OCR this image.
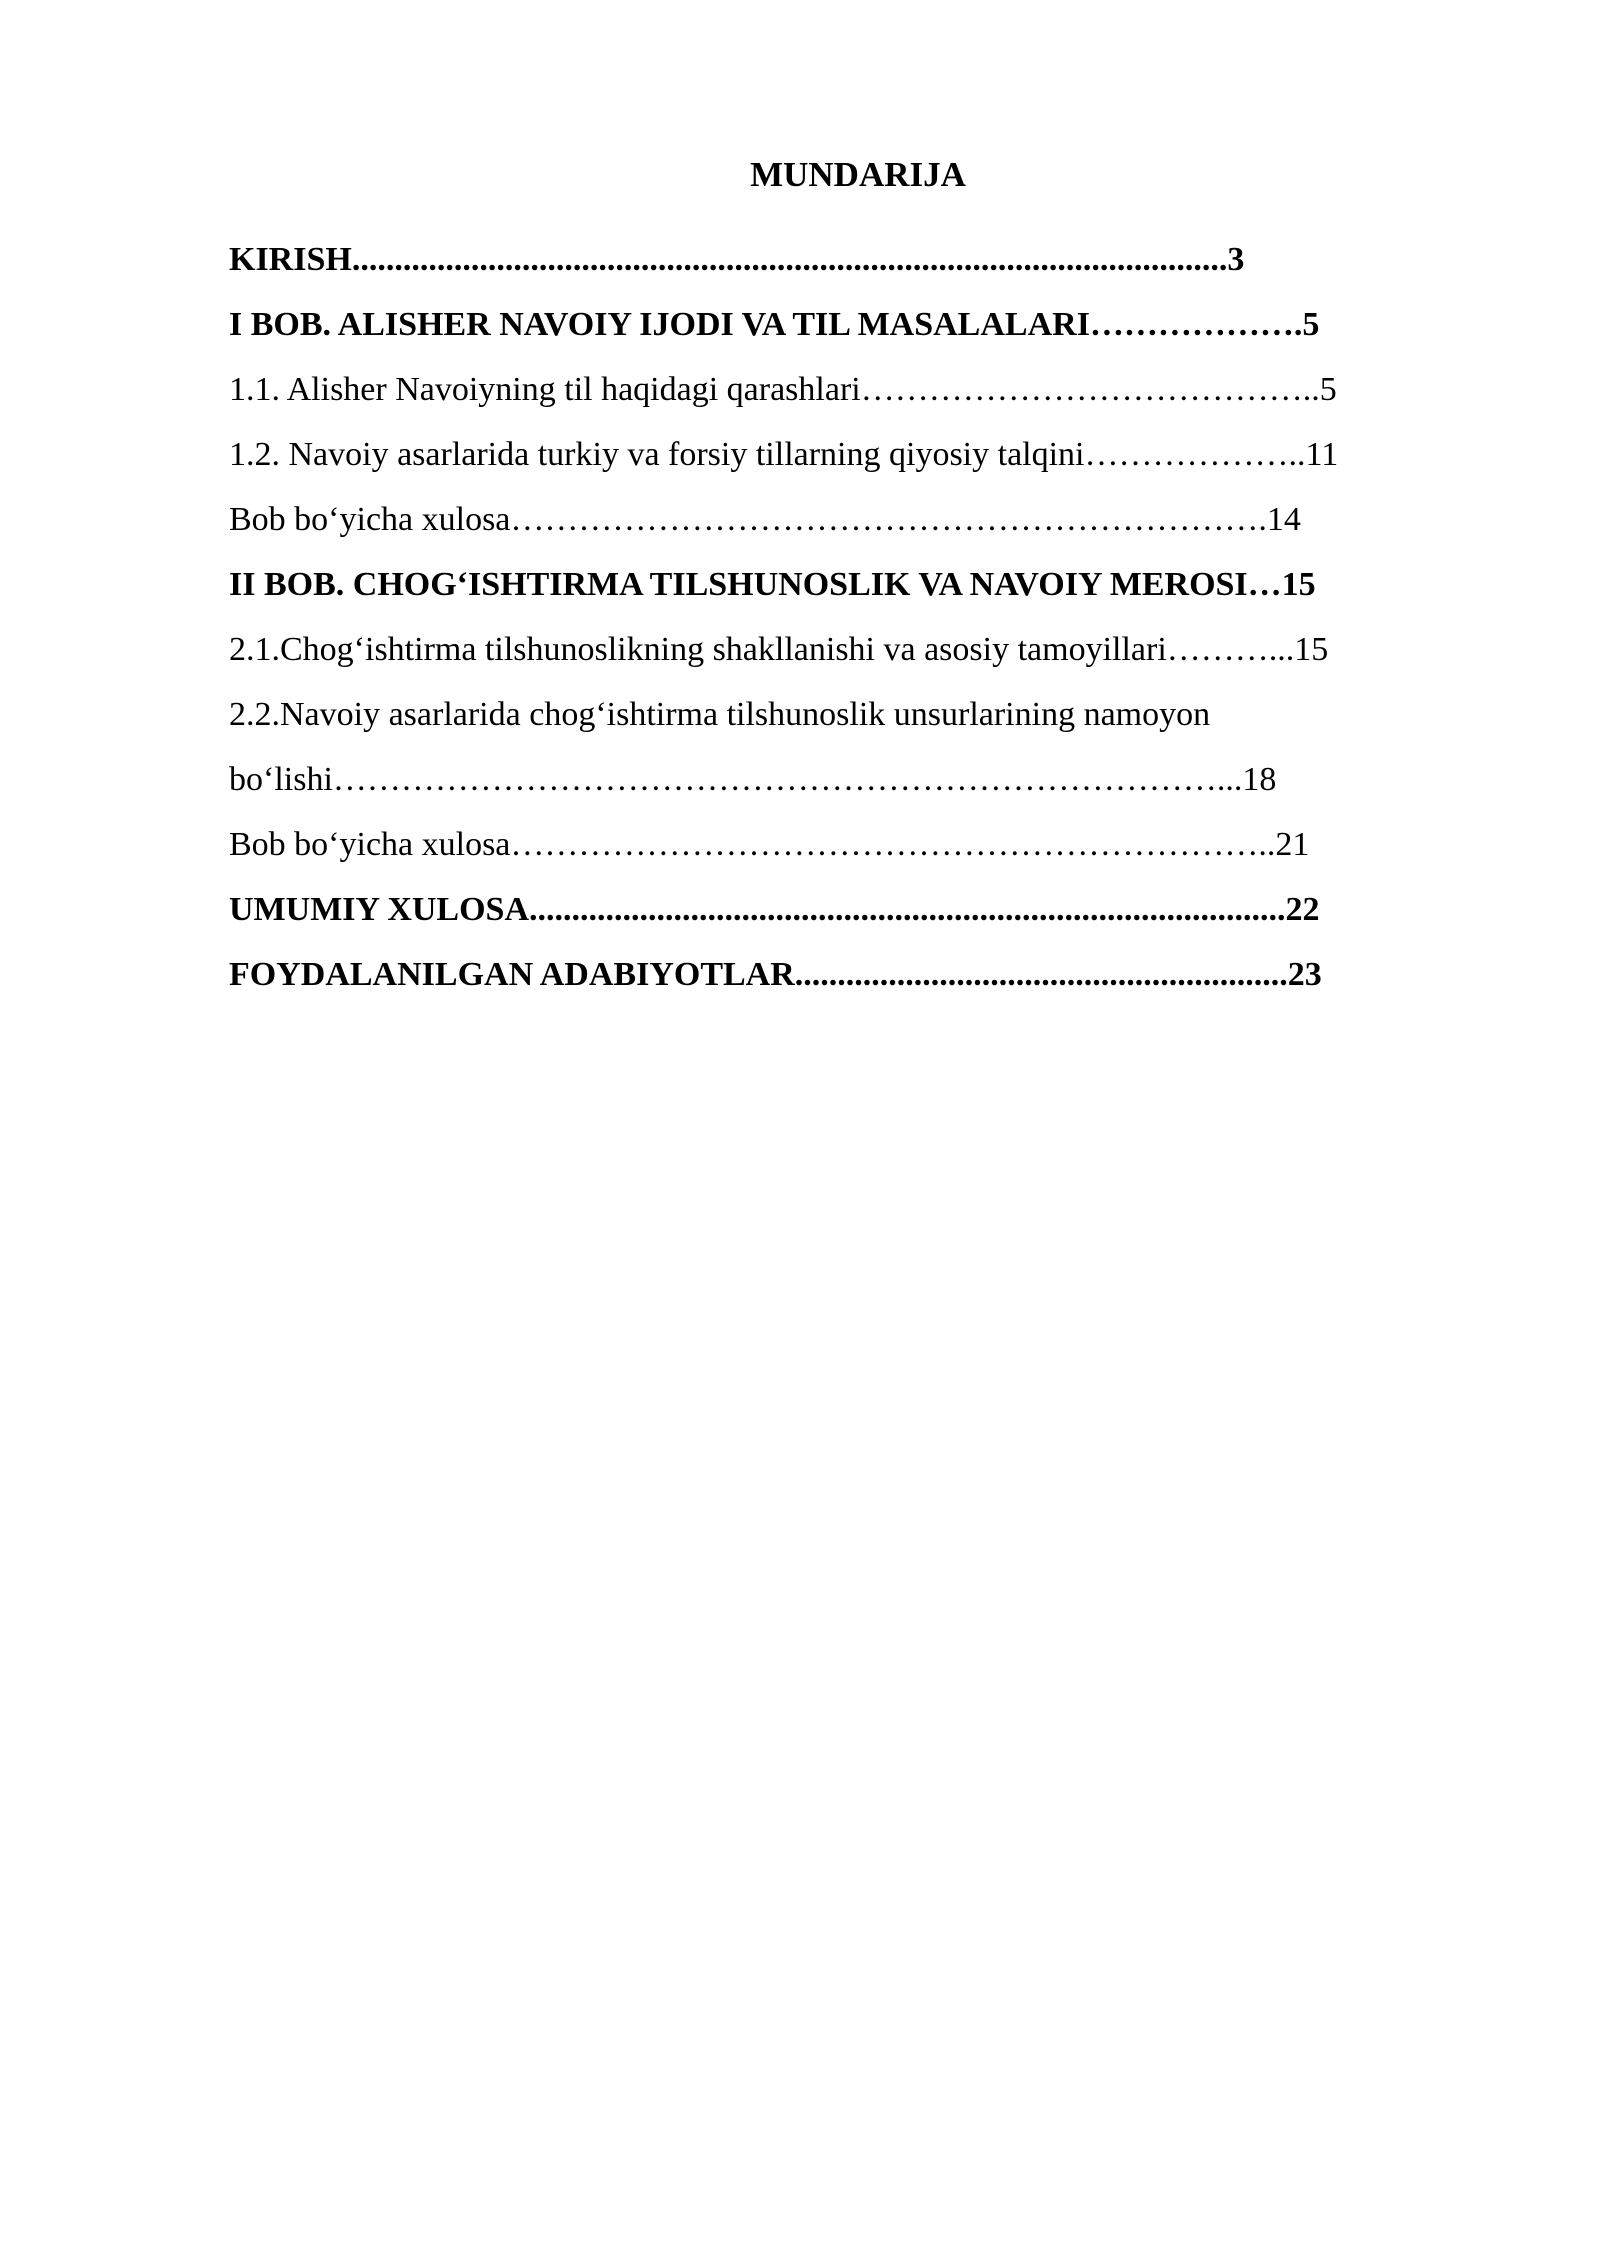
MUNDARIJA
KIRISH.......................................................................................................3
I BOB. ALISHER NAVOIY IJODI VA TIL MASALALARI……………….5
1.1. Alisher Navoiyning til haqidagi qarashlari…………………………………..5
1.2. Navoiy asarlarida turkiy va forsiy tillarning qiyosiy talqini………………..11
Bob bo‘yicha xulosa………………………………………………………….14
II BOB. CHOG‘ISHTIRMA TILSHUNOSLIK VA NAVOIY MEROSI…15
2.1.Chog‘ishtirma tilshunoslikning shakllanishi va asosiy tamoyillari………...15
2.2.Navoiy asarlarida chog‘ishtirma tilshunoslik unsurlarining namoyon
bo‘lishi……………………………………………………………………...18
Bob bo‘yicha xulosa…………………………………………………………..21
UMUMIY XULOSA.........................................................................................22
FOYDALANILGAN ADABIYOTLAR..........................................................23
